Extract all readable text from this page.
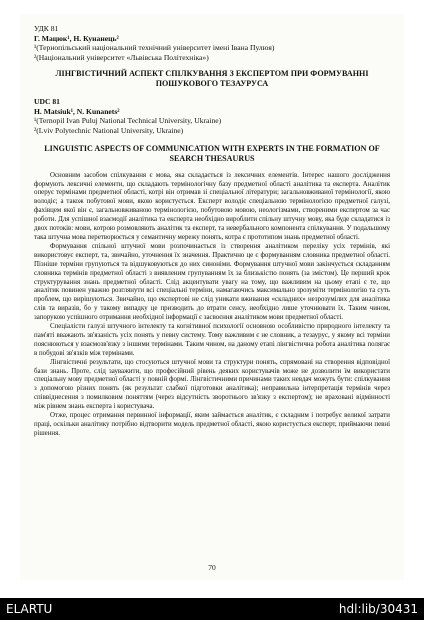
УДК 81
Г. Мацюк¹, Н. Кунанець²
¹(Тернопільський національний технічний університет імені Івана Пулюя)
²(Національний університет «Львівська Політехніка»)
ЛІНГВІСТИЧНИЙ АСПЕКТ СПІЛКУВАННЯ З ЕКСПЕРТОМ ПРИ ФОРМУВАННІ ПОШУКОВОГО ТЕЗАУРУСА
UDC 81
H. Matsiuk¹, N. Kunanets²
¹(Ternopil Ivan Puluj National Technical University, Ukraine)
²(Lviv Polytechnic National University, Ukraine)
LINGUISTIC ASPECTS OF COMMUNICATION WITH EXPERTS IN THE FORMATION OF SEARCH THESAURUS

Основним засобом спілкування є мова, яка складається із лексичних елементів. Інтерес нашого дослідження формують лексичні елементи, що складають термінологічну базу предметної області аналітика та експерта. Аналітик оперує термінами предметної області, котрі він отримав зі спеціальної літератури; загальновживаної термінології, якою володіє; а також побутової мови, якою користується. Експерт володіє спеціальною термінологією предметної галузі, фахівцем якої він є, загальновживаною термінологією, побутовою мовою, неологізмами, створеними експертом за час роботи. Для успішної взаємодії аналітика та експерта необхідно вироблити спільну штучну мову, яка буде складатися із двох потоків: мови, котрою розмовляють аналітик та експерт, та невербального компонента спілкування. У подальшому така штучна мова перетворюється у семантичну мережу понять, котра є прототипом знань предметної області.

Формування спільної штучної мови розпочинається із створення аналітиком переліку усіх термінів, які використовує експерт, та, звичайно, уточнення їх значення. Практично це є формуванням словника предметної області. Пізніше терміни групуються та відшуковуються до них синоніми. Формування штучної мови закінчується складанням словника термінів предметної області з виявленим групуванням їх за близькістю понять (за змістом). Це перший крок структурування знань предметної області. Слід акцентувати увагу на тому, що важливим на цьому етапі є те, що аналітик повинен уважно розглянути всі спеціальні терміни, намагаючись максимально зрозуміти термінологію та суть проблем, що вирішуються. Звичайно, що експертові не слід уникати вживання «складних» незрозумілих для аналітика слів та виразів, бо у такому випадку це призводить до втрати сенсу, необхідно лише уточнювати їх. Таким чином, запорукою успішного отримання необхідної інформації є засвоєння аналітиком мови предметної області.

Спеціалісти галузі штучного інтелекту та когнітивної психології основною особливістю природного інтелекту та пам'яті вважають зв'язаність усіх понять у певну систему. Тому важливим є не словник, а тезаурус, у якому всі терміни пояснюються у взаємозв'язку з іншими термінами. Таким чином, на даному етапі лінгвістична робота аналітика полягає в побудові зв'язків між термінами.

Лінгвістичні результати, що стосуються штучної мови та структури понять, спрямовані на створення відповідної бази знань. Проте, слід зауважити, що професійний рівень деяких користувачів може не дозволити їм використати спеціальну мову предметної області у повній формі. Лінгвістичними причинами таких невдач можуть бути: спілкування з допомогою різних понять (як результат слабкої підготовки аналітика); неправильна інтерпретація термінів через співвіднесення з помилковим поняттям (через відсутність зворотнього зв'язку з експертом); не враховані відмінності між рівнем знань експерта і користувача.

Отже, процес отримання первинної інформації, яким займається аналітик, є складним і потребує великої затрати праці, оскільки аналітику потрібно відтворити модель предметної області, якою користується експерт, приймаючи певні рішення.

70
ELARTU	hdl:lib/30431
